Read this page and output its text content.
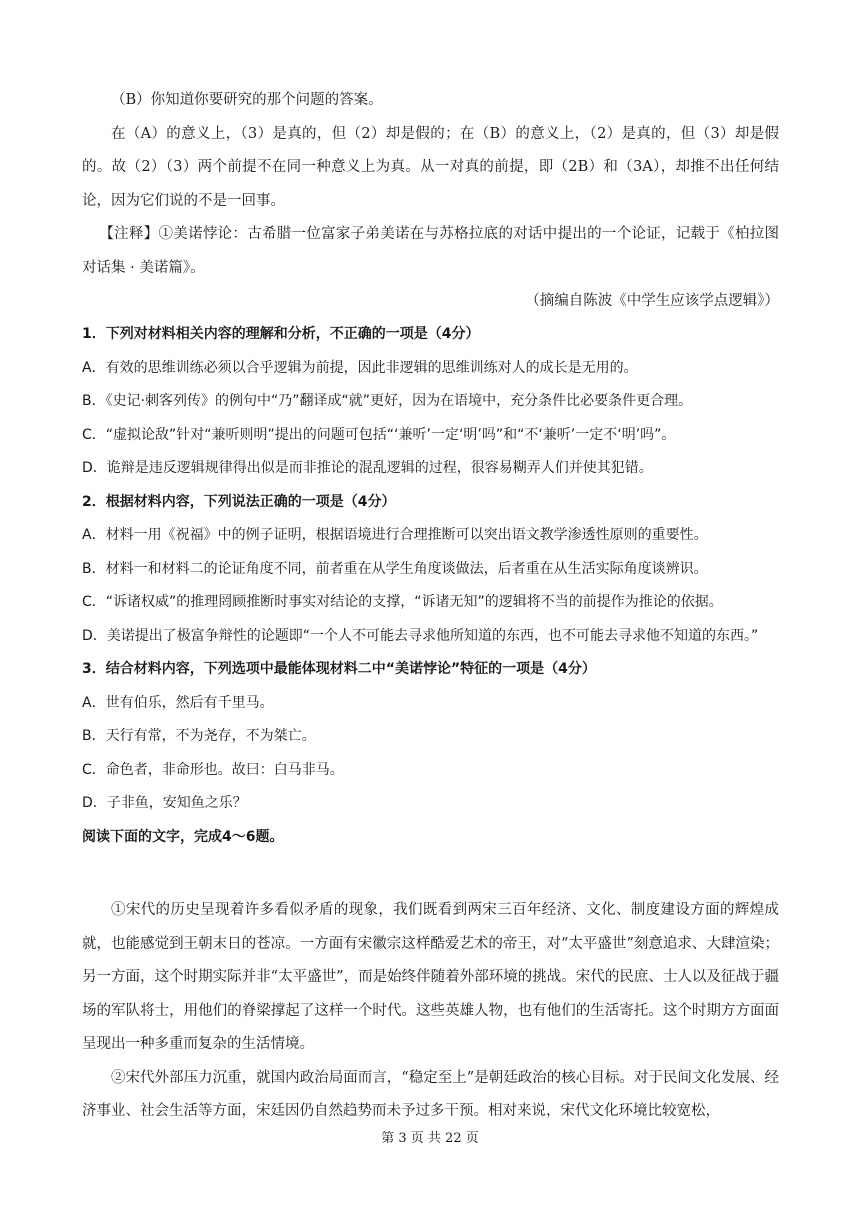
（B）你知道你要研究的那个问题的答案。

在（A）的意义上，（3）是真的，但（2）却是假的；在（B）的意义上，（2）是真的，但（3）却是假的。故（2）（3）两个前提不在同一种意义上为真。从一对真的前提，即（2B）和（3A），却推不出任何结论，因为它们说的不是一回事。

【注释】①美诺悖论：古希腊一位富家子弟美诺在与苏格拉底的对话中提出的一个论证，记载于《柏拉图对话集 · 美诺篇》。

（摘编自陈波《中学生应该学点逻辑》）

1．下列对材料相关内容的理解和分析，不正确的一项是（4分）

A．有效的思维训练必须以合乎逻辑为前提，因此非逻辑的思维训练对人的成长是无用的。

B．《史记·刺客列传》的例句中“乃”翻译成“就”更好，因为在语境中，充分条件比必要条件更合理。

C．“虚拟论敌”针对“兼听则明”提出的问题可包括“‘兼听’一定‘明’吗”和“不‘兼听’一定不‘明’吗”。

D．诡辩是违反逻辑规律得出似是而非推论的混乱逻辑的过程，很容易糊弄人们并使其犯错。

2．根据材料内容，下列说法正确的一项是（4分）

A．材料一用《祝福》中的例子证明，根据语境进行合理推断可以突出语文教学渗透性原则的重要性。

B．材料一和材料二的论证角度不同，前者重在从学生角度谈做法，后者重在从生活实际角度谈辨识。

C．“诉诸权威”的推理罔顾推断时事实对结论的支撑，“诉诸无知”的逻辑将不当的前提作为推论的依据。

D．美诺提出了极富争辩性的论题即“一个人不可能去寻求他所知道的东西，也不可能去寻求他不知道的东西。”

3．结合材料内容，下列选项中最能体现材料二中“美诺悖论”特征的一项是（4分）

A．世有伯乐，然后有千里马。

B．天行有常，不为尧存，不为桀亡。

C．命色者，非命形也。故曰：白马非马。

D．子非鱼，安知鱼之乐？

阅读下面的文字，完成4～6题。

①宋代的历史呈现着许多看似矛盾的现象，我们既看到两宋三百年经济、文化、制度建设方面的辉煌成就，也能感觉到王朝末日的苍凉。一方面有宋徽宗这样酷爱艺术的帝王，对“太平盛世”刻意追求、大肆渲染；另一方面，这个时期实际并非“太平盛世”，而是始终伴随着外部环境的挑战。宋代的民庶、士人以及征战于疆场的军队将士，用他们的脊梁撑起了这样一个时代。这些英雄人物，也有他们的生活寄托。这个时期方方面面呈现出一种多重而复杂的生活情境。

②宋代外部压力沉重，就国内政治局面而言，“稳定至上”是朝廷政治的核心目标。对于民间文化发展、经济事业、社会生活等方面，宋廷因仍自然趋势而未予过多干预。相对来说，宋代文化环境比较宽松，

第 3 页 共 22 页
